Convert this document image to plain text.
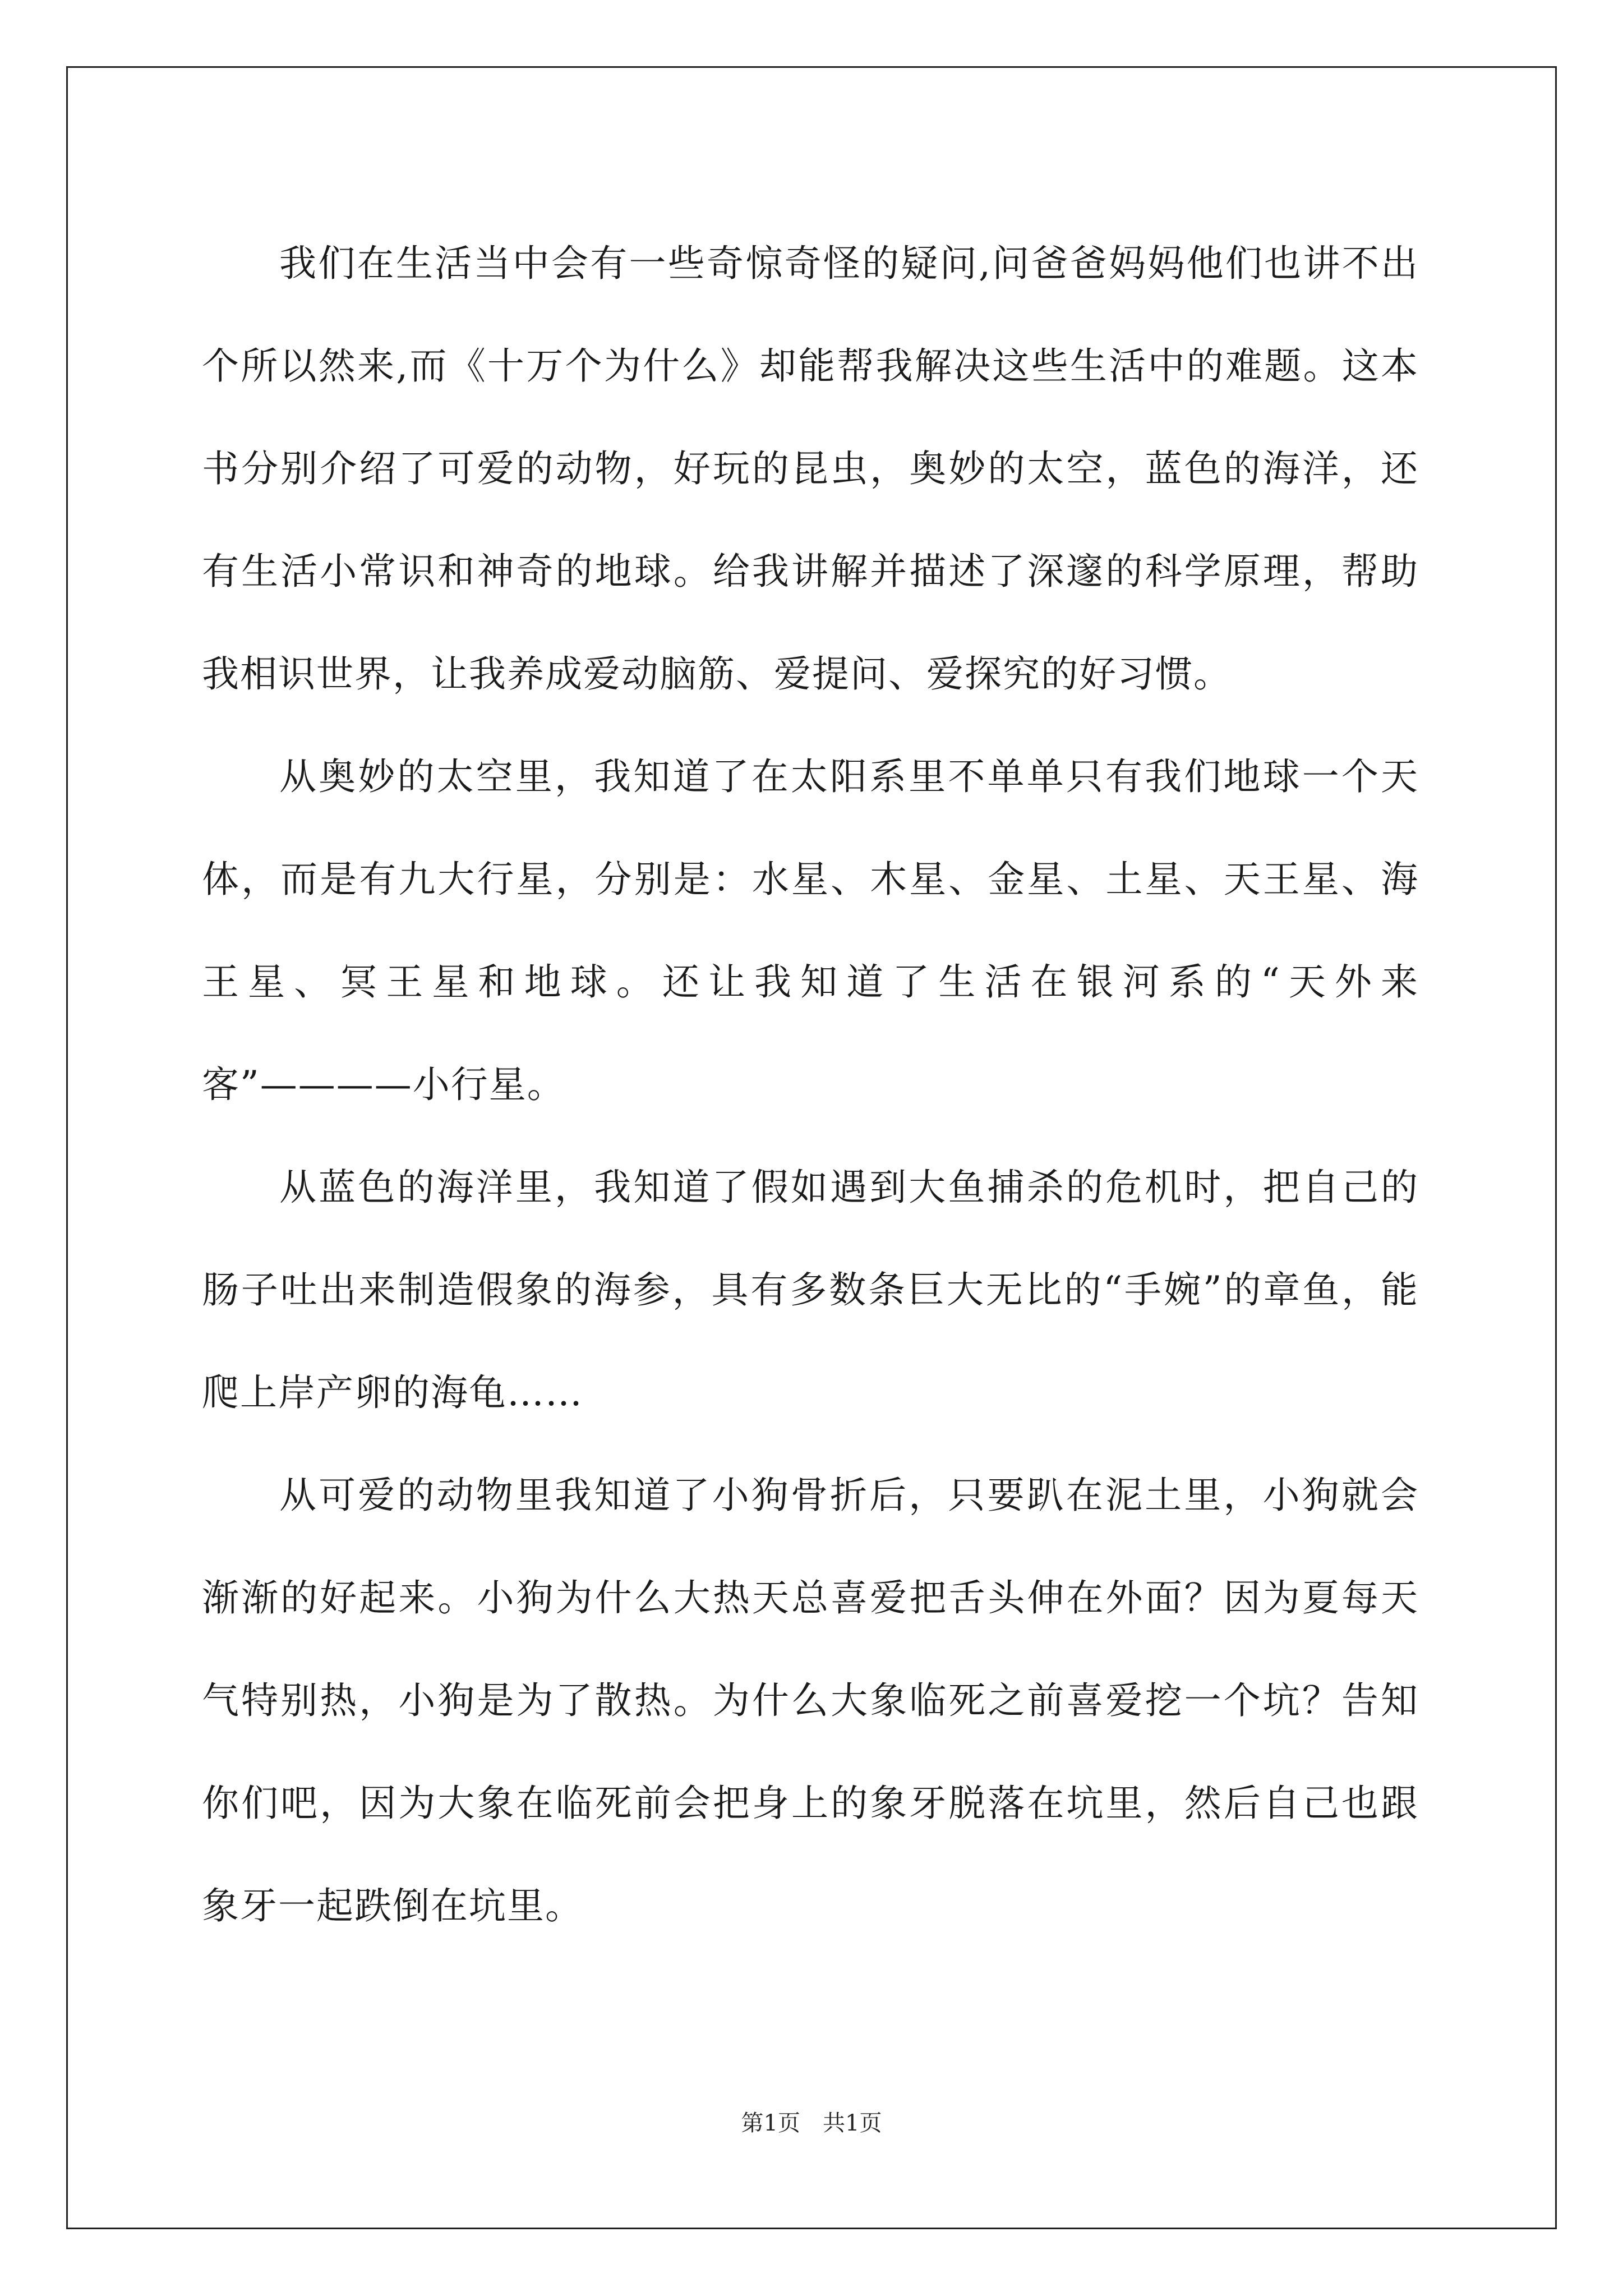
我们在生活当中会有一些奇惊奇怪的疑问,问爸爸妈妈他们也讲不出个所以然来,而《十万个为什么》却能帮我解决这些生活中的难题。这本书分别介绍了可爱的动物，好玩的昆虫，奥妙的太空，蓝色的海洋，还有生活小常识和神奇的地球。给我讲解并描述了深邃的科学原理，帮助我相识世界，让我养成爱动脑筋、爱提问、爱探究的好习惯。

从奥妙的太空里，我知道了在太阳系里不单单只有我们地球一个天体，而是有九大行星，分别是：水星、木星、金星、土星、天王星、海王星、冥王星和地球。还让我知道了生活在银河系的“天外来客”————小行星。

从蓝色的海洋里，我知道了假如遇到大鱼捕杀的危机时，把自己的肠子吐出来制造假象的海参，具有多数条巨大无比的“手婉”的章鱼，能爬上岸产卵的海龟……

从可爱的动物里我知道了小狗骨折后，只要趴在泥土里，小狗就会渐渐的好起来。小狗为什么大热天总喜爱把舌头伸在外面？因为夏每天气特别热，小狗是为了散热。为什么大象临死之前喜爱挖一个坑？告知你们吧，因为大象在临死前会把身上的象牙脱落在坑里，然后自己也跟象牙一起跌倒在坑里。

第1页 共1页
